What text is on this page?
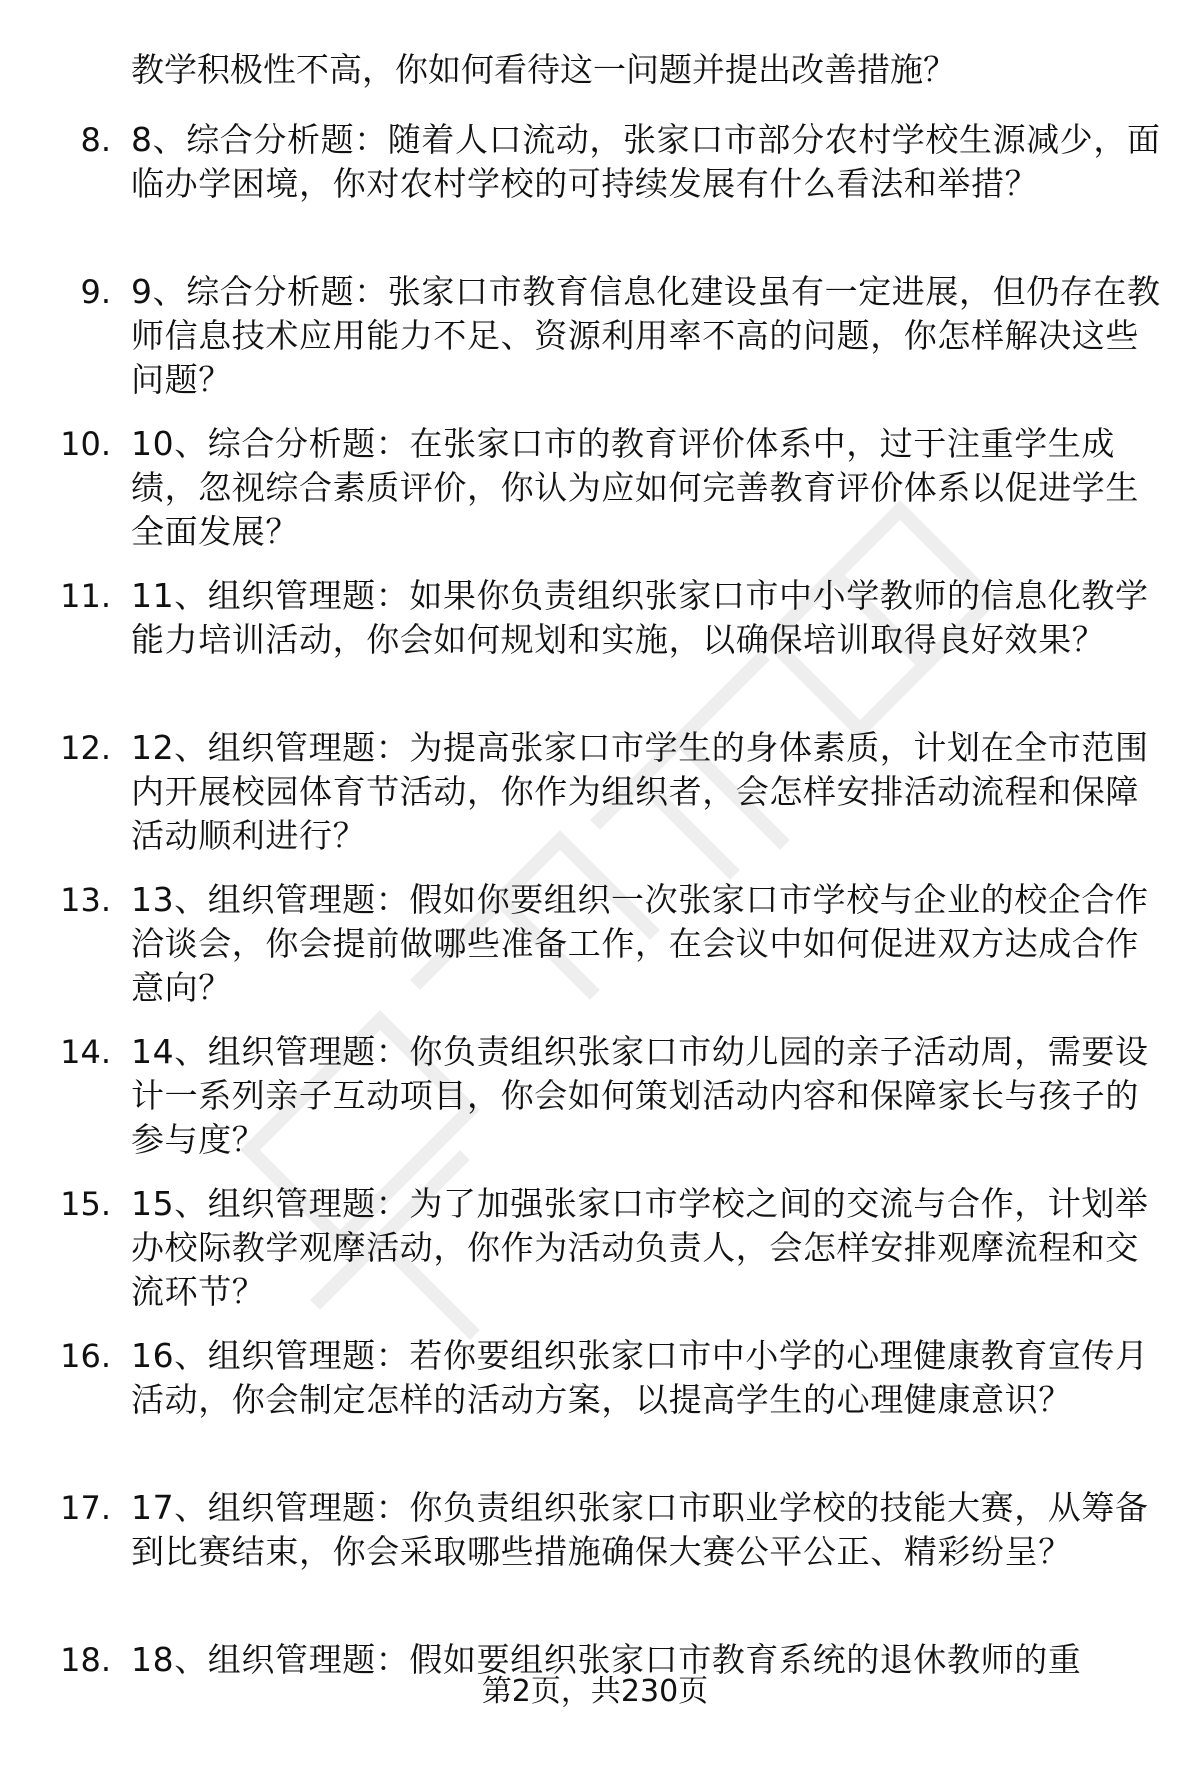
教学积极性不高，你如何看待这一问题并提出改善措施？
8. 8、综合分析题：随着人口流动，张家口市部分农村学校生源减少，面临办学困境，你对农村学校的可持续发展有什么看法和举措？

9. 9、综合分析题：张家口市教育信息化建设虽有一定进展，但仍存在教师信息技术应用能力不足、资源利用率不高的问题，你怎样解决这些问题？

10. 10、综合分析题：在张家口市的教育评价体系中，过于注重学生成绩，忽视综合素质评价，你认为应如何完善教育评价体系以促进学生全面发展？

11. 11、组织管理题：如果你负责组织张家口市中小学教师的信息化教学能力培训活动，你会如何规划和实施，以确保培训取得良好效果？

12. 12、组织管理题：为提高张家口市学生的身体素质，计划在全市范围内开展校园体育节活动，你作为组织者，会怎样安排活动流程和保障活动顺利进行？

13. 13、组织管理题：假如你要组织一次张家口市学校与企业的校企合作洽谈会，你会提前做哪些准备工作，在会议中如何促进双方达成合作意向？

14. 14、组织管理题：你负责组织张家口市幼儿园的亲子活动周，需要设计一系列亲子互动项目，你会如何策划活动内容和保障家长与孩子的参与度？

15. 15、组织管理题：为了加强张家口市学校之间的交流与合作，计划举办校际教学观摩活动，你作为活动负责人，会怎样安排观摩流程和交流环节？

16. 16、组织管理题：若你要组织张家口市中小学的心理健康教育宣传月活动，你会制定怎样的活动方案，以提高学生的心理健康意识？

17. 17、组织管理题：你负责组织张家口市职业学校的技能大赛，从筹备到比赛结束，你会采取哪些措施确保大赛公平公正、精彩纷呈？

18. 18、组织管理题：假如要组织张家口市教育系统的退休教师的重

第2页，共230页
